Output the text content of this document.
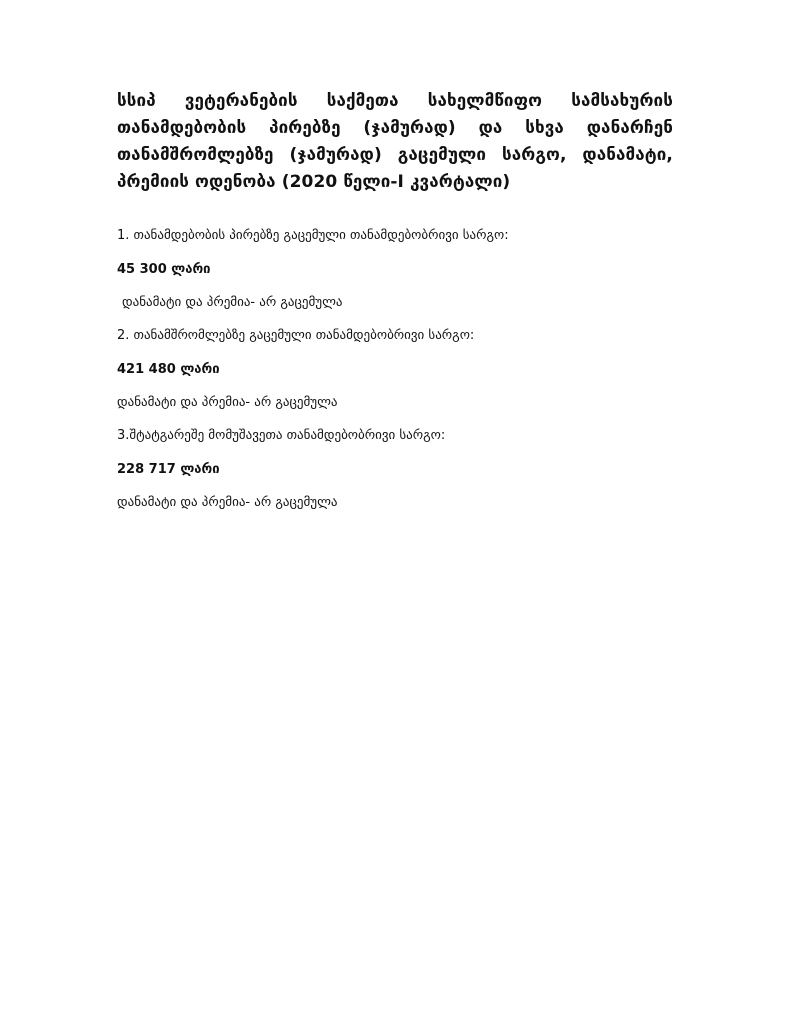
სსიპ ვეტერანების საქმეთა სახელმწიფო სამსახურის თანამდებობის პირებზე (ჯამურად) და სხვა დანარჩენ თანამშრომლებზე (ჯამურად) გაცემული სარგო, დანამატი, პრემიის ოდენობა (2020 წელი-I კვარტალი)

1. თანამდებობის პირებზე გაცემული თანამდებობრივი სარგო:

45 300 ლარი

დანამატი და პრემია- არ გაცემულა

2. თანამშრომლებზე გაცემული თანამდებობრივი სარგო:

421 480 ლარი

დანამატი და პრემია- არ გაცემულა

3.შტატგარეშე მომუშავეთა თანამდებობრივი სარგო:

228 717 ლარი

დანამატი და პრემია- არ გაცემულა
